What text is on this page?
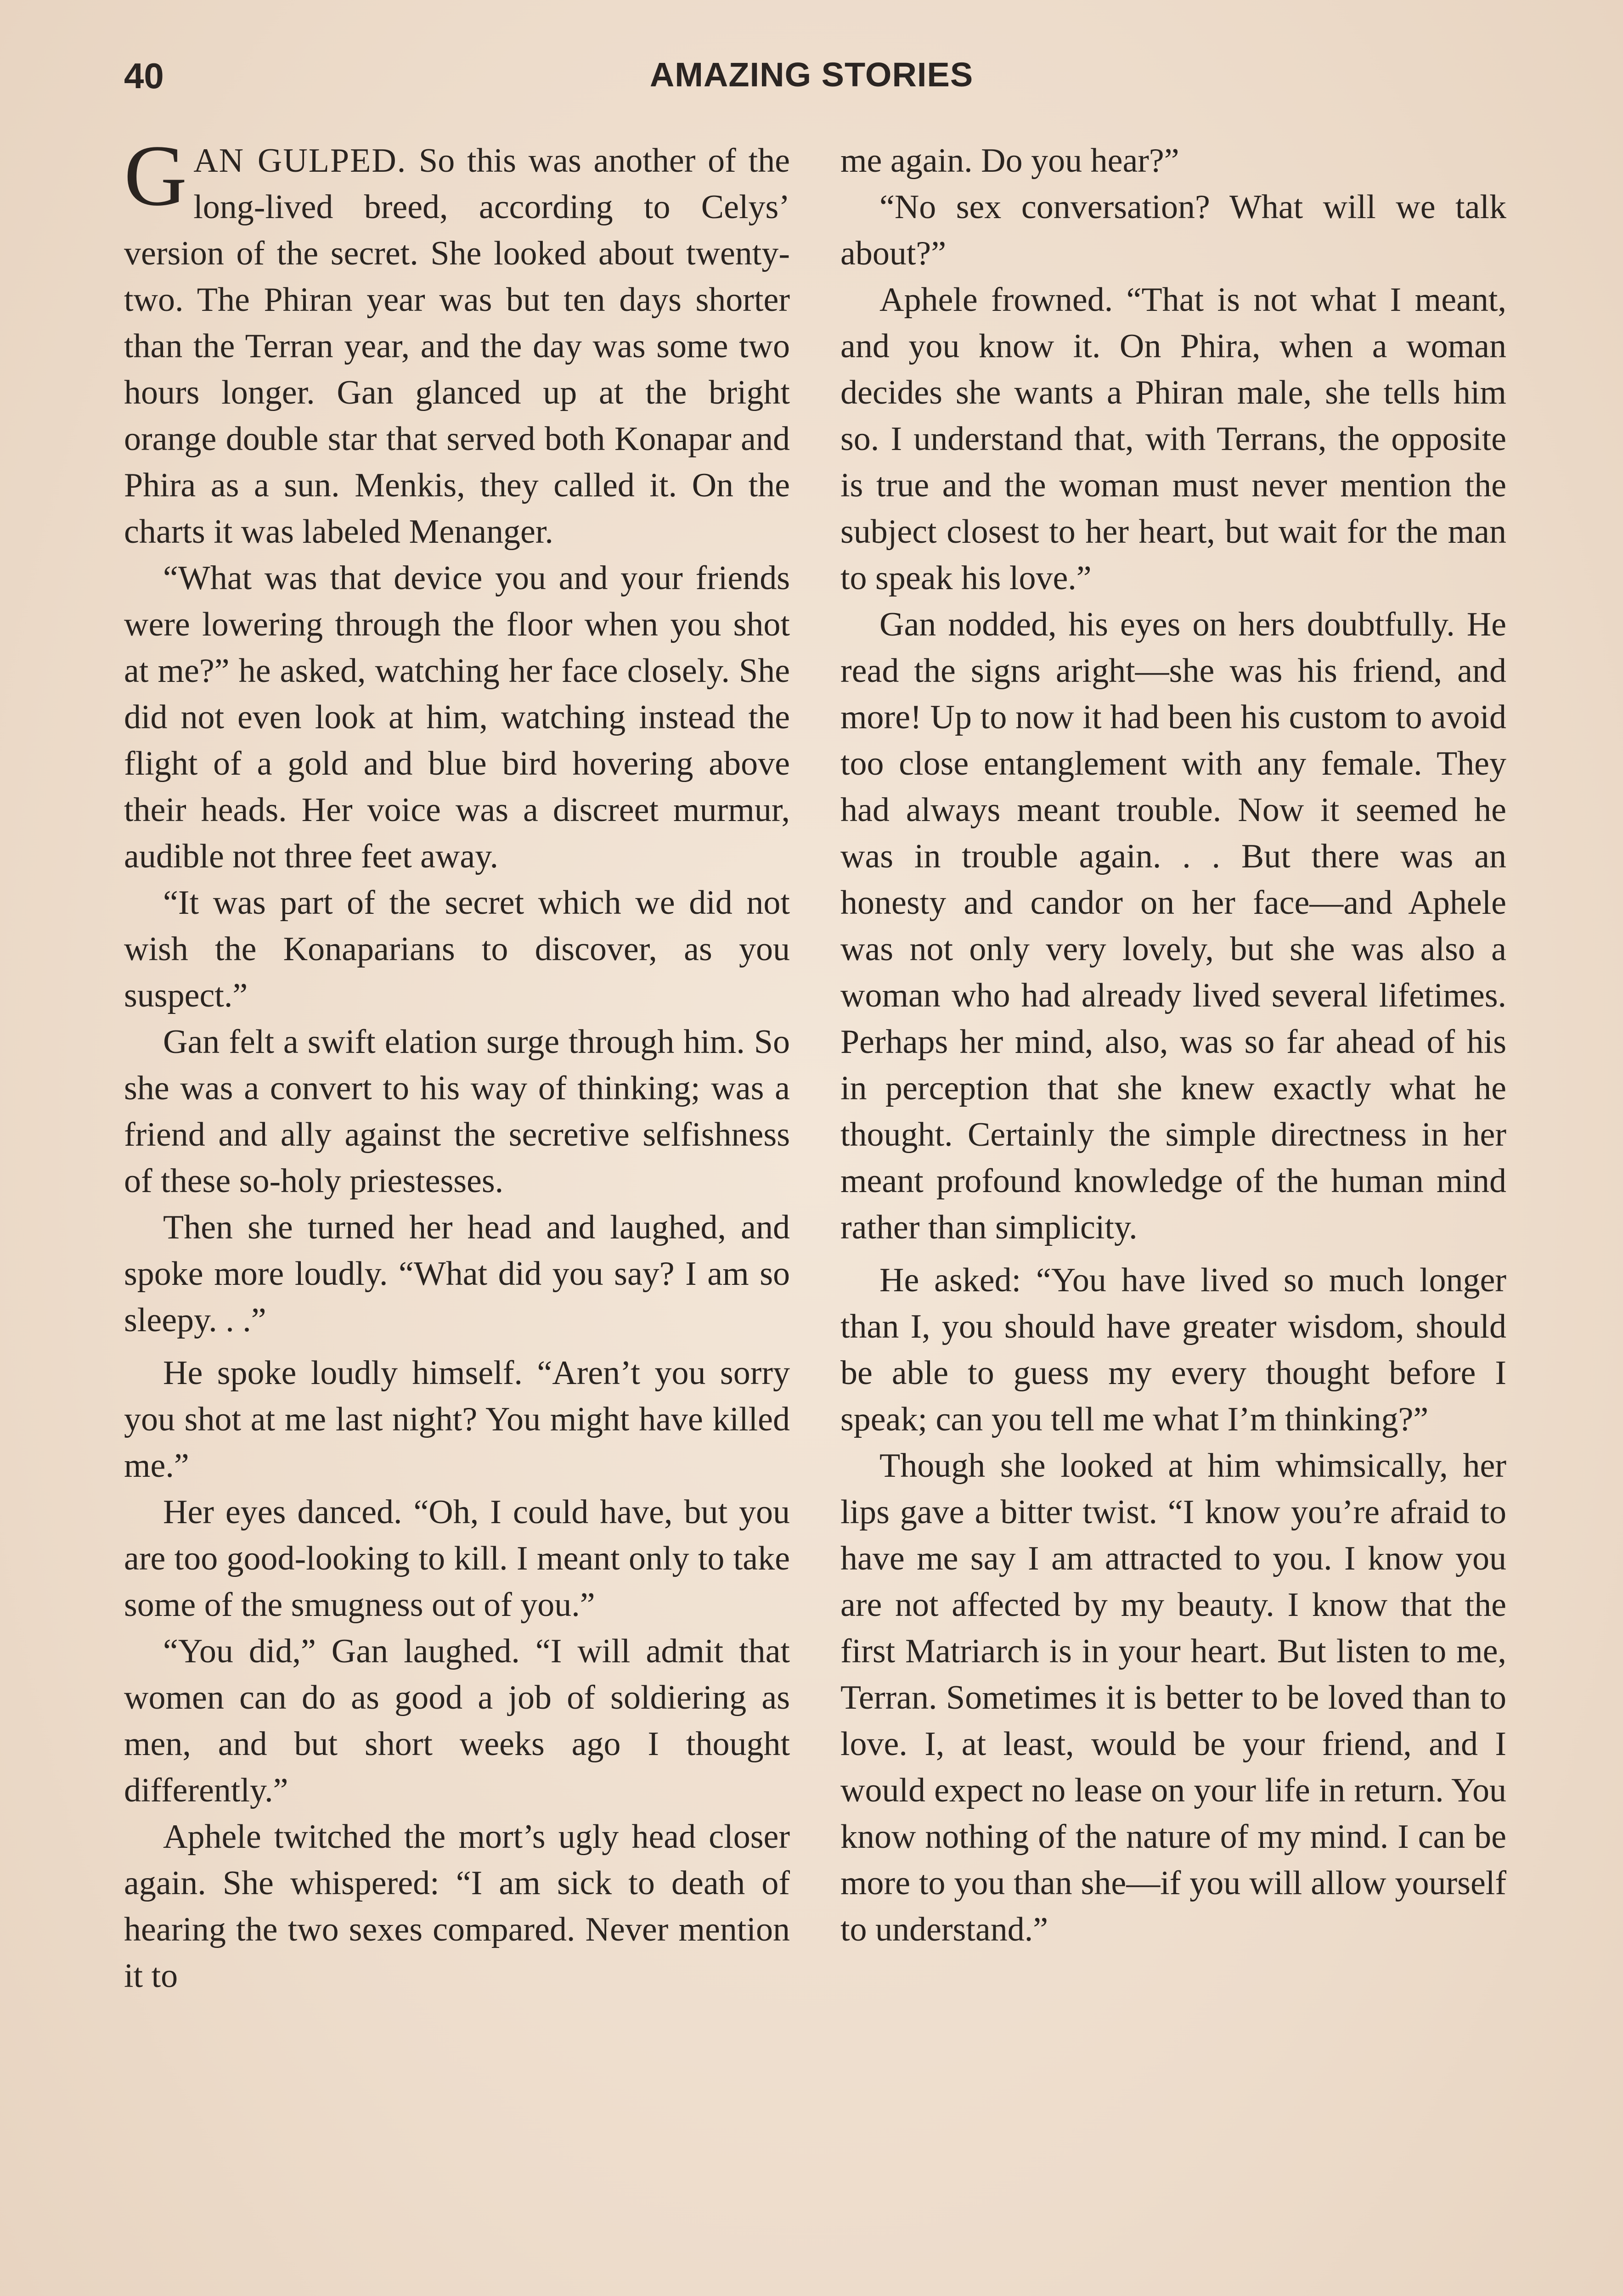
40	AMAZING STORIES

GAN GULPED. So this was another of the long-lived breed, according to Celys’ version of the secret. She looked about twenty-two. The Phiran year was but ten days shorter than the Terran year, and the day was some two hours longer. Gan glanced up at the bright orange double star that served both Konapar and Phira as a sun. Menkis, they called it. On the charts it was labeled Menanger.

“What was that device you and your friends were lowering through the floor when you shot at me?” he asked, watching her face closely. She did not even look at him, watching instead the flight of a gold and blue bird hovering above their heads. Her voice was a discreet murmur, audible not three feet away.

“It was part of the secret which we did not wish the Konaparians to discover, as you suspect.”

Gan felt a swift elation surge through him. So she was a convert to his way of thinking; was a friend and ally against the secretive selfishness of these so-holy priestesses.

Then she turned her head and laughed, and spoke more loudly. “What did you say? I am so sleepy. . .”

He spoke loudly himself. “Aren’t you sorry you shot at me last night? You might have killed me.”

Her eyes danced. “Oh, I could have, but you are too good-looking to kill. I meant only to take some of the smugness out of you.”

“You did,” Gan laughed. “I will admit that women can do as good a job of soldiering as men, and but short weeks ago I thought differently.”

Aphele twitched the mort’s ugly head closer again. She whispered: “I am sick to death of hearing the two sexes compared. Never mention it to

me again. Do you hear?”

“No sex conversation? What will we talk about?”

Aphele frowned. “That is not what I meant, and you know it. On Phira, when a woman decides she wants a Phiran male, she tells him so. I understand that, with Terrans, the opposite is true and the woman must never mention the subject closest to her heart, but wait for the man to speak his love.”

Gan nodded, his eyes on hers doubtfully. He read the signs aright—she was his friend, and more! Up to now it had been his custom to avoid too close entanglement with any female. They had always meant trouble. Now it seemed he was in trouble again. . . But there was an honesty and candor on her face—and Aphele was not only very lovely, but she was also a woman who had already lived several lifetimes. Perhaps her mind, also, was so far ahead of his in perception that she knew exactly what he thought. Certainly the simple directness in her meant profound knowledge of the human mind rather than simplicity.

He asked: “You have lived so much longer than I, you should have greater wisdom, should be able to guess my every thought before I speak; can you tell me what I’m thinking?”

Though she looked at him whimsically, her lips gave a bitter twist. “I know you’re afraid to have me say I am attracted to you. I know you are not affected by my beauty. I know that the first Matriarch is in your heart. But listen to me, Terran. Sometimes it is better to be loved than to love. I, at least, would be your friend, and I would expect no lease on your life in return. You know nothing of the nature of my mind. I can be more to you than she—if you will allow yourself to understand.”
